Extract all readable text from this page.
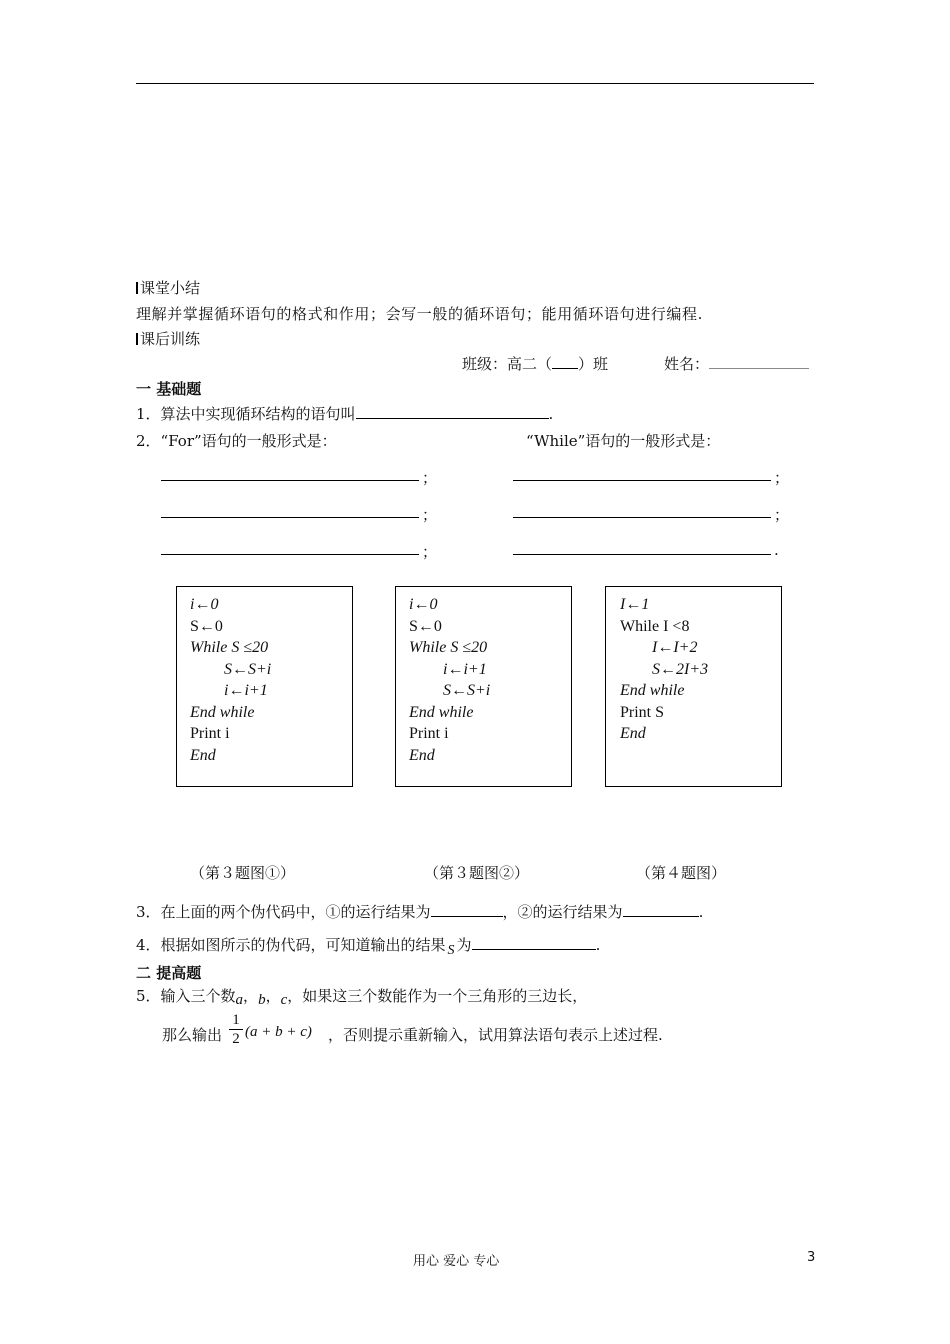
课堂小结
理解并掌握循环语句的格式和作用；会写一般的循环语句；能用循环语句进行编程.
课后训练
班级：高二（ ）班	姓名：
一 基础题
1．算法中实现循环结构的语句叫	.
2．“For”语句的一般形式是：	“While”语句的一般形式是：
；	；
；	；
；	.
i←0
S←0
While S ≤20
S←S+i
i←i+1
End while
Print i
End
i←0
S←0
While S ≤20
i←i+1
S←S+i
End while
Print i
End
I←1
While I <8
I←I+2
S←2I+3
End while
Print S
End
（第３题图①）	（第３题图②）	（第４题图）
3．在上面的两个伪代码中，①的运行结果为	，②的运行结果为	.
4．根据如图所示的伪代码，可知道输出的结果 S 为	.
二 提高题
5．输入三个数a，b，c，如果这三个数能作为一个三角形的三边长，
那么输出
1
2 (a + b + c) ，否则提示重新输入，试用算法语句表示上述过程.
用心 爱心 专心	3
